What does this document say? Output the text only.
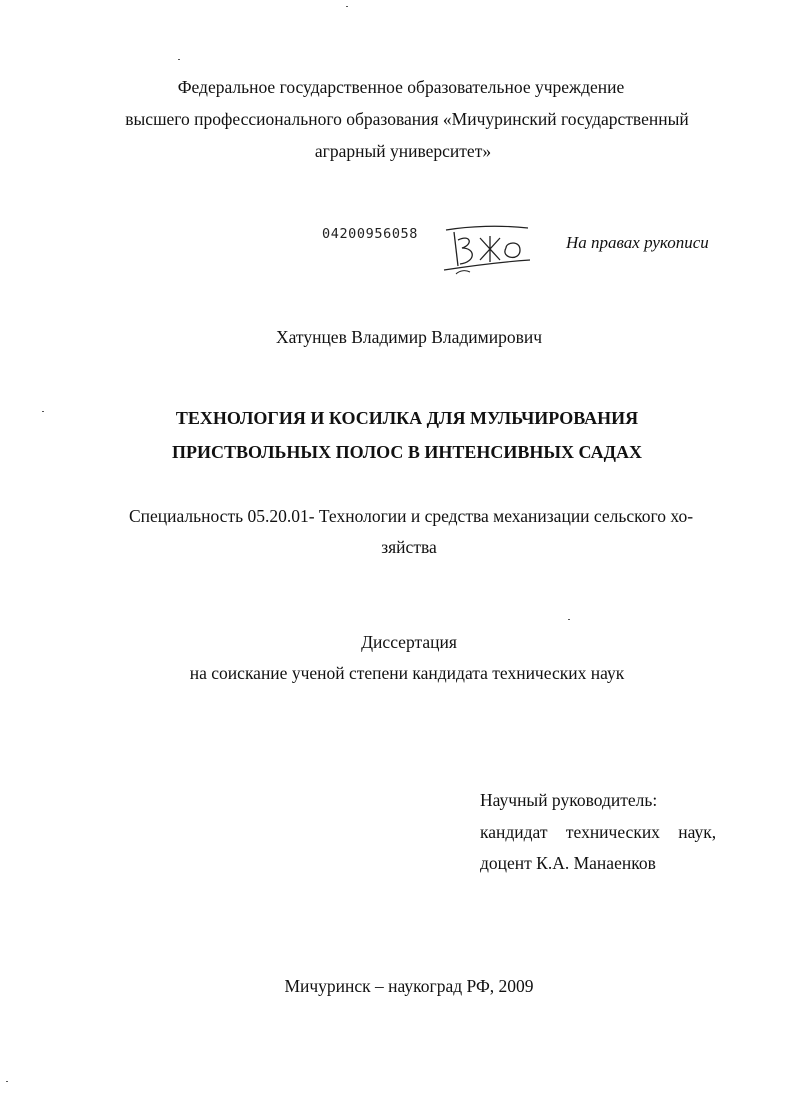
Федеральное государственное образовательное учреждение
высшего профессионального образования «Мичуринский государственный
аграрный университет»
04200956058
ВЖО
На правах рукописи
Хатунцев Владимир Владимирович
ТЕХНОЛОГИЯ И КОСИЛКА ДЛЯ МУЛЬЧИРОВАНИЯ
ПРИСТВОЛЬНЫХ ПОЛОС В ИНТЕНСИВНЫХ САДАХ
Специальность 05.20.01- Технологии и средства механизации сельского хо-
зяйства
Диссертация
на соискание ученой степени кандидата технических наук
Научный руководитель:
кандидат технических наук,
доцент К.А. Манаенков
Мичуринск – наукоград РФ, 2009
